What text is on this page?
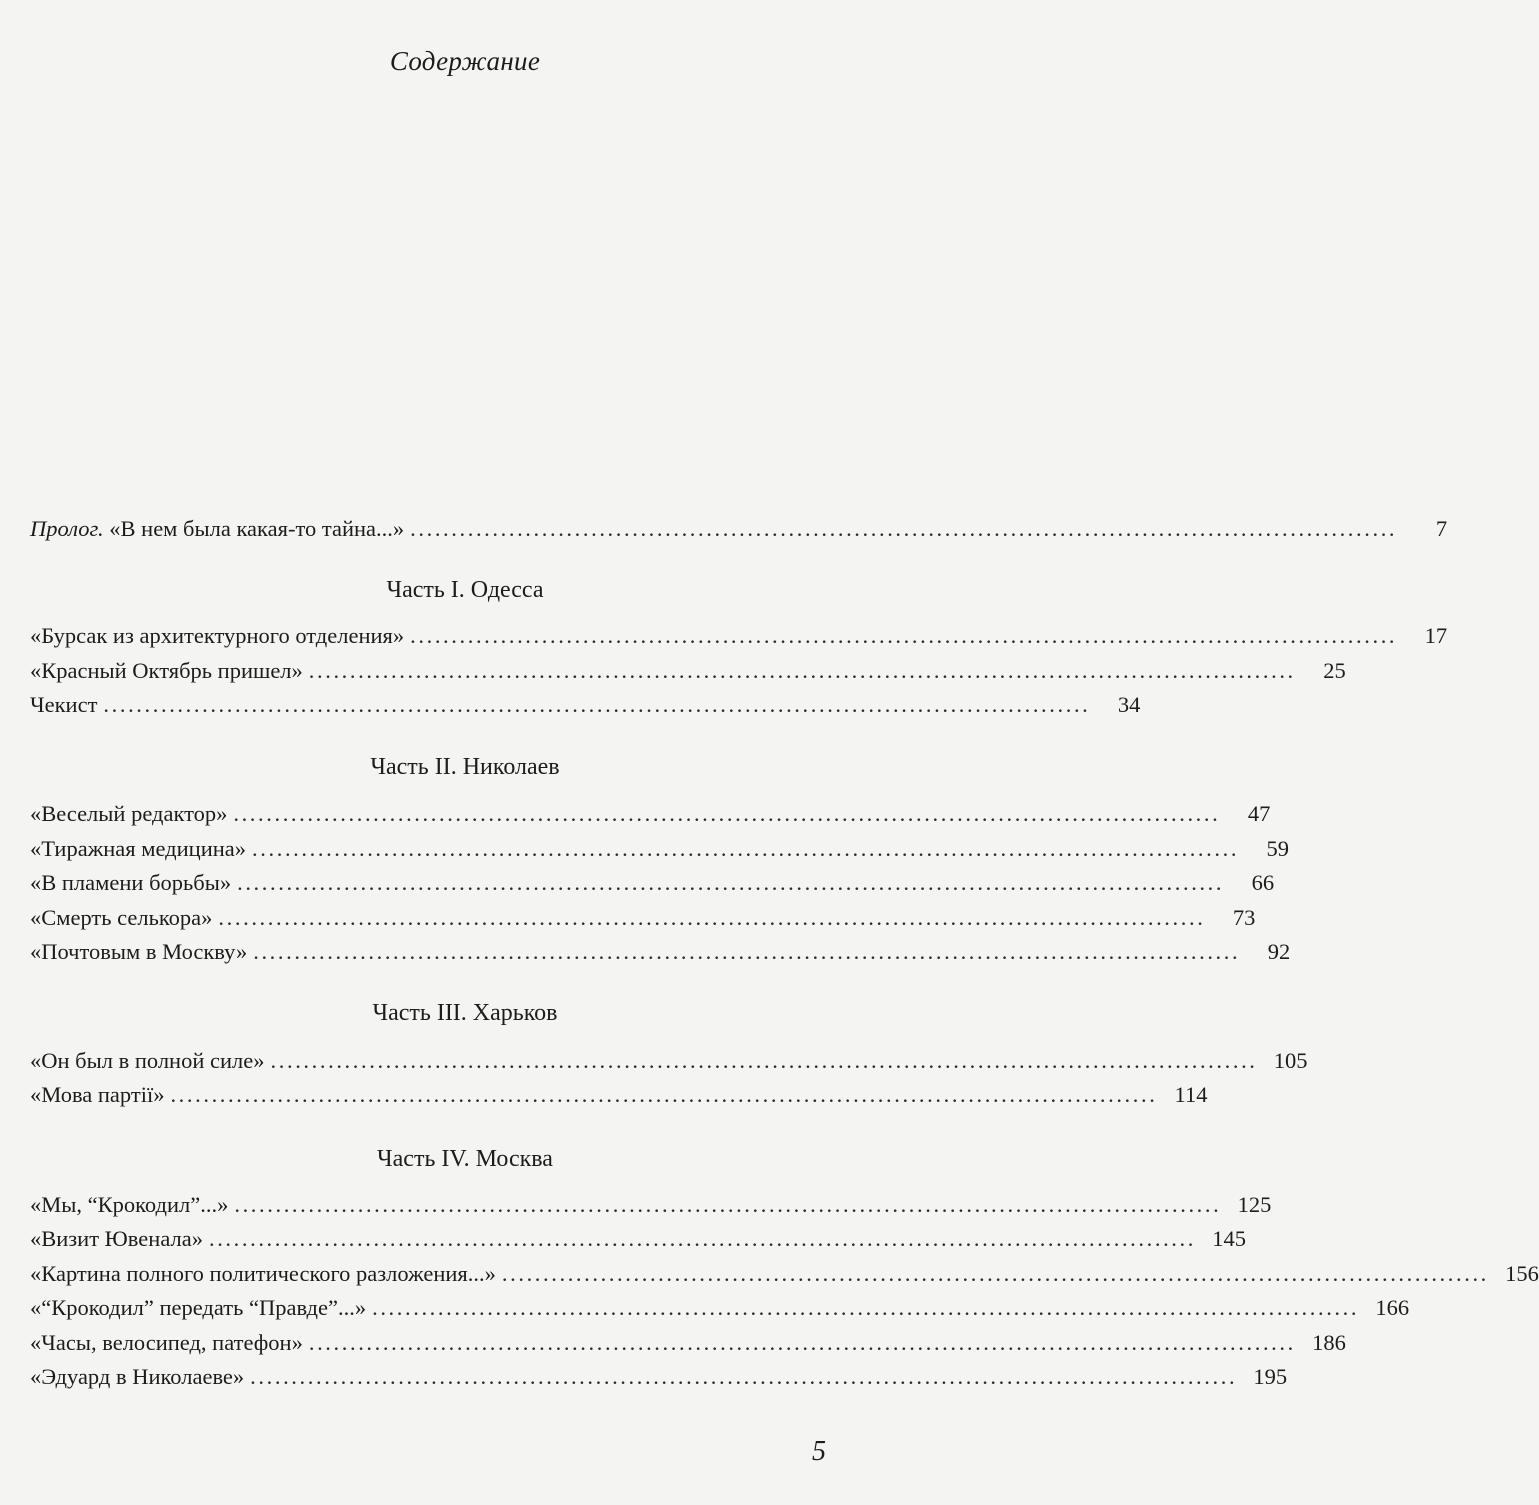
Содержание
Пролог. «В нем была какая-то тайна...» ........................................................................................................................	7
Часть I. Одесса
«Бурсак из архитектурного отделения» ........................................................................................................................	17
«Красный Октябрь пришел» ........................................................................................................................	25
Чекист ........................................................................................................................	34
Часть II. Николаев
«Веселый редактор» ........................................................................................................................	47
«Тиражная медицина» ........................................................................................................................	59
«В пламени борьбы» ........................................................................................................................	66
«Смерть селькора» ........................................................................................................................	73
«Почтовым в Москву» ........................................................................................................................	92
Часть III. Харьков
«Он был в полной силе» ........................................................................................................................ 105
«Мова партії» ........................................................................................................................ 114
Часть IV. Москва
«Мы, “Крокодил”...» ........................................................................................................................ 125
«Визит Ювенала» ........................................................................................................................ 145
«Картина полного политического разложения...» ........................................................................................................................ 156
«“Крокодил” передать “Правде”...» ........................................................................................................................ 166
«Часы, велосипед, патефон» ........................................................................................................................ 186
«Эдуард в Николаеве» ........................................................................................................................ 195
5
